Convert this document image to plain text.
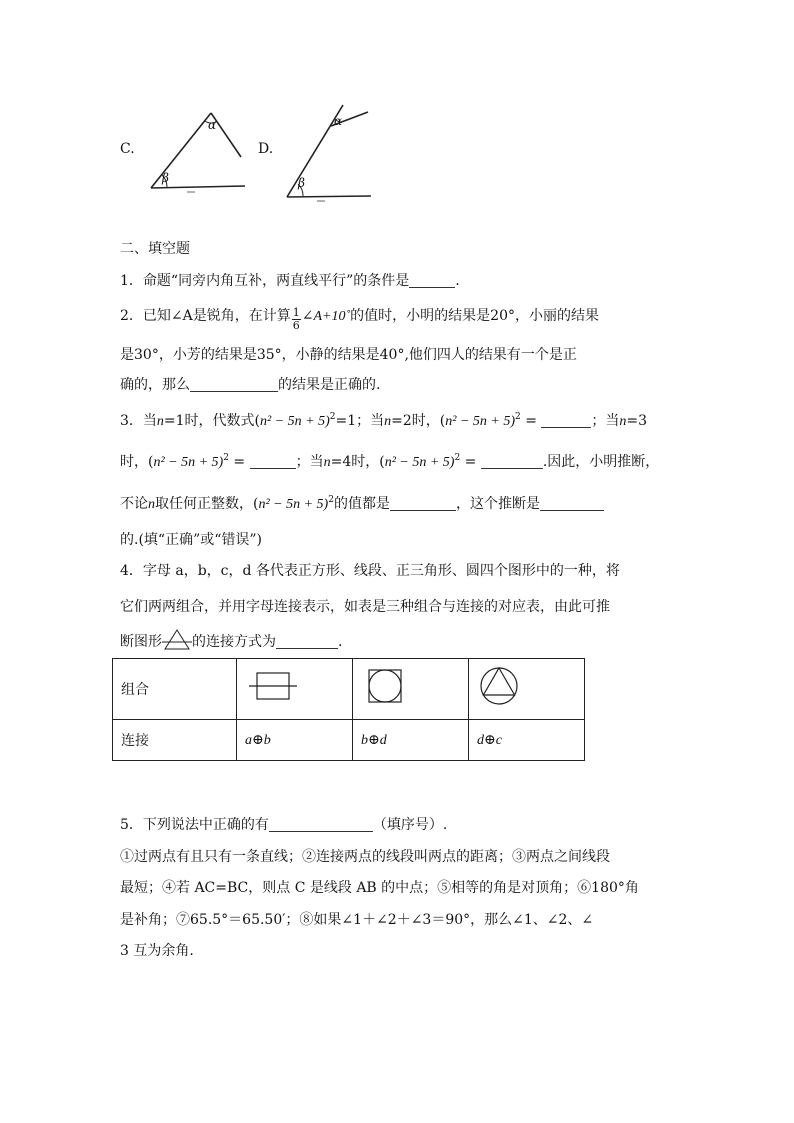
C.
α
β
D.
α
β
二、填空题
1．命题“同旁内角互补，两直线平行”的条件是	.
2．已知∠A是锐角，在计算 $\frac{1}{6}$ ∠A+10˚的值时，小明的结果是20°，小丽的结果
是30°，小芳的结果是35°，小静的结果是40°,他们四人的结果有一个是正
确的，那么	的结果是正确的.
3．当n=1时，代数式$(n^2 - 5n + 5)^2=1$；当n=2时，$(n^2 - 5n + 5)^2$ =	；当n=3
时，$(n^2 - 5n + 5)^2$ =	；当n=4时，$(n^2 - 5n + 5)^2$ =	.因此，小明推断，
不论n取任何正整数，$(n^2 - 5n + 5)^2$的值都是	，这个推断是
的.(填“正确”或“错误”)
4．字母 a，b，c，d 各代表正方形、线段、正三角形、圆四个图形中的一种，将
它们两两组合，并用字母连接表示，如表是三种组合与连接的对应表，由此可推
断图形 的连接方式为	.
组合			
连接	a⊕b	b⊕d	d⊕c
5．下列说法中正确的有	（填序号）.
①过两点有且只有一条直线；②连接两点的线段叫两点的距离；③两点之间线段
最短；④若 AC=BC，则点 C 是线段 AB 的中点；⑤相等的角是对顶角；⑥180°角
是补角；⑦65.5°＝65.50′；⑧如果∠1＋∠2＋∠3＝90°，那么∠1、∠2、∠
3 互为余角.
